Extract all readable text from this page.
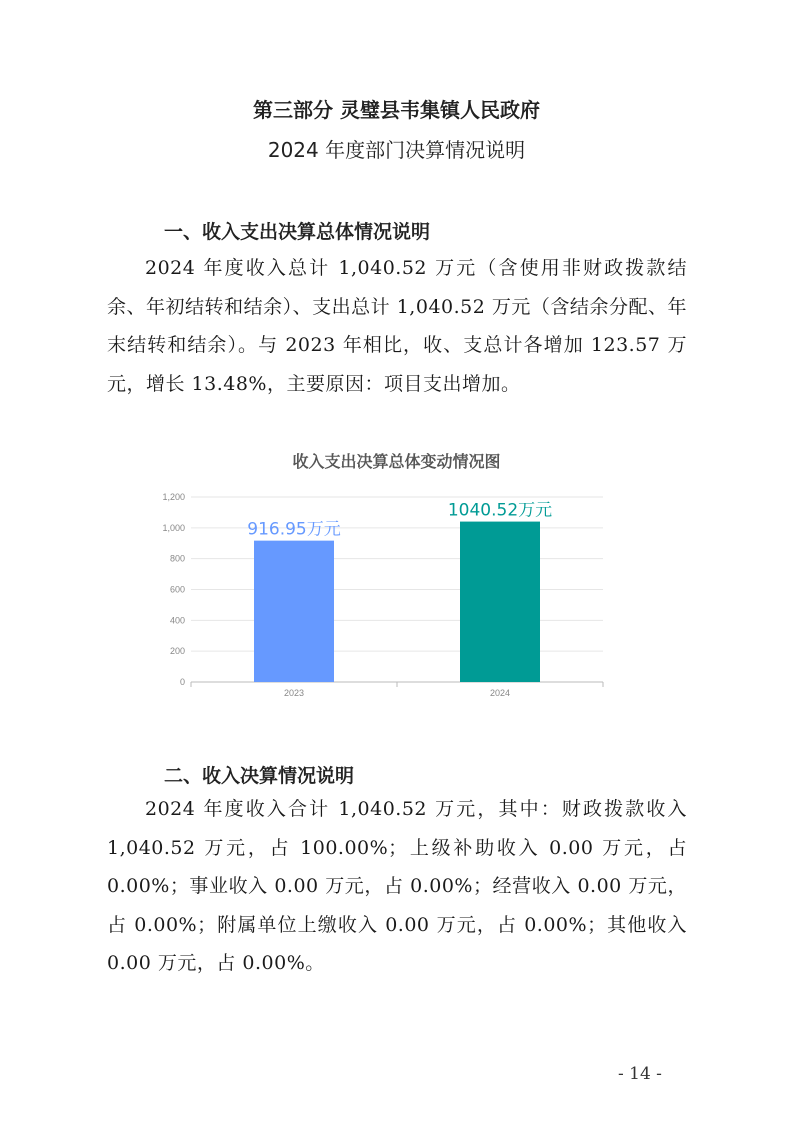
第三部分 灵璧县韦集镇人民政府
2024 年度部门决算情况说明
一、收入支出决算总体情况说明

2024 年度收入总计 1,040.52 万元（含使用非财政拨款结余、年初结转和结余）、支出总计 1,040.52 万元（含结余分配、年末结转和结余）。与 2023 年相比，收、支总计各增加 123.57 万元，增长 13.48%，主要原因：项目支出增加。

收入支出决算总体变动情况图
0
200
400
600
800
1,000
1,200
916.95万元
2023
1040.52万元
2024
二、收入决算情况说明

2024 年度收入合计 1,040.52 万元，其中：财政拨款收入 1,040.52 万元，占 100.00%；上级补助收入 0.00 万元，占 0.00%；事业收入 0.00 万元，占 0.00%；经营收入 0.00 万元，占 0.00%；附属单位上缴收入 0.00 万元，占 0.00%；其他收入 0.00 万元，占 0.00%。

- 14 -
